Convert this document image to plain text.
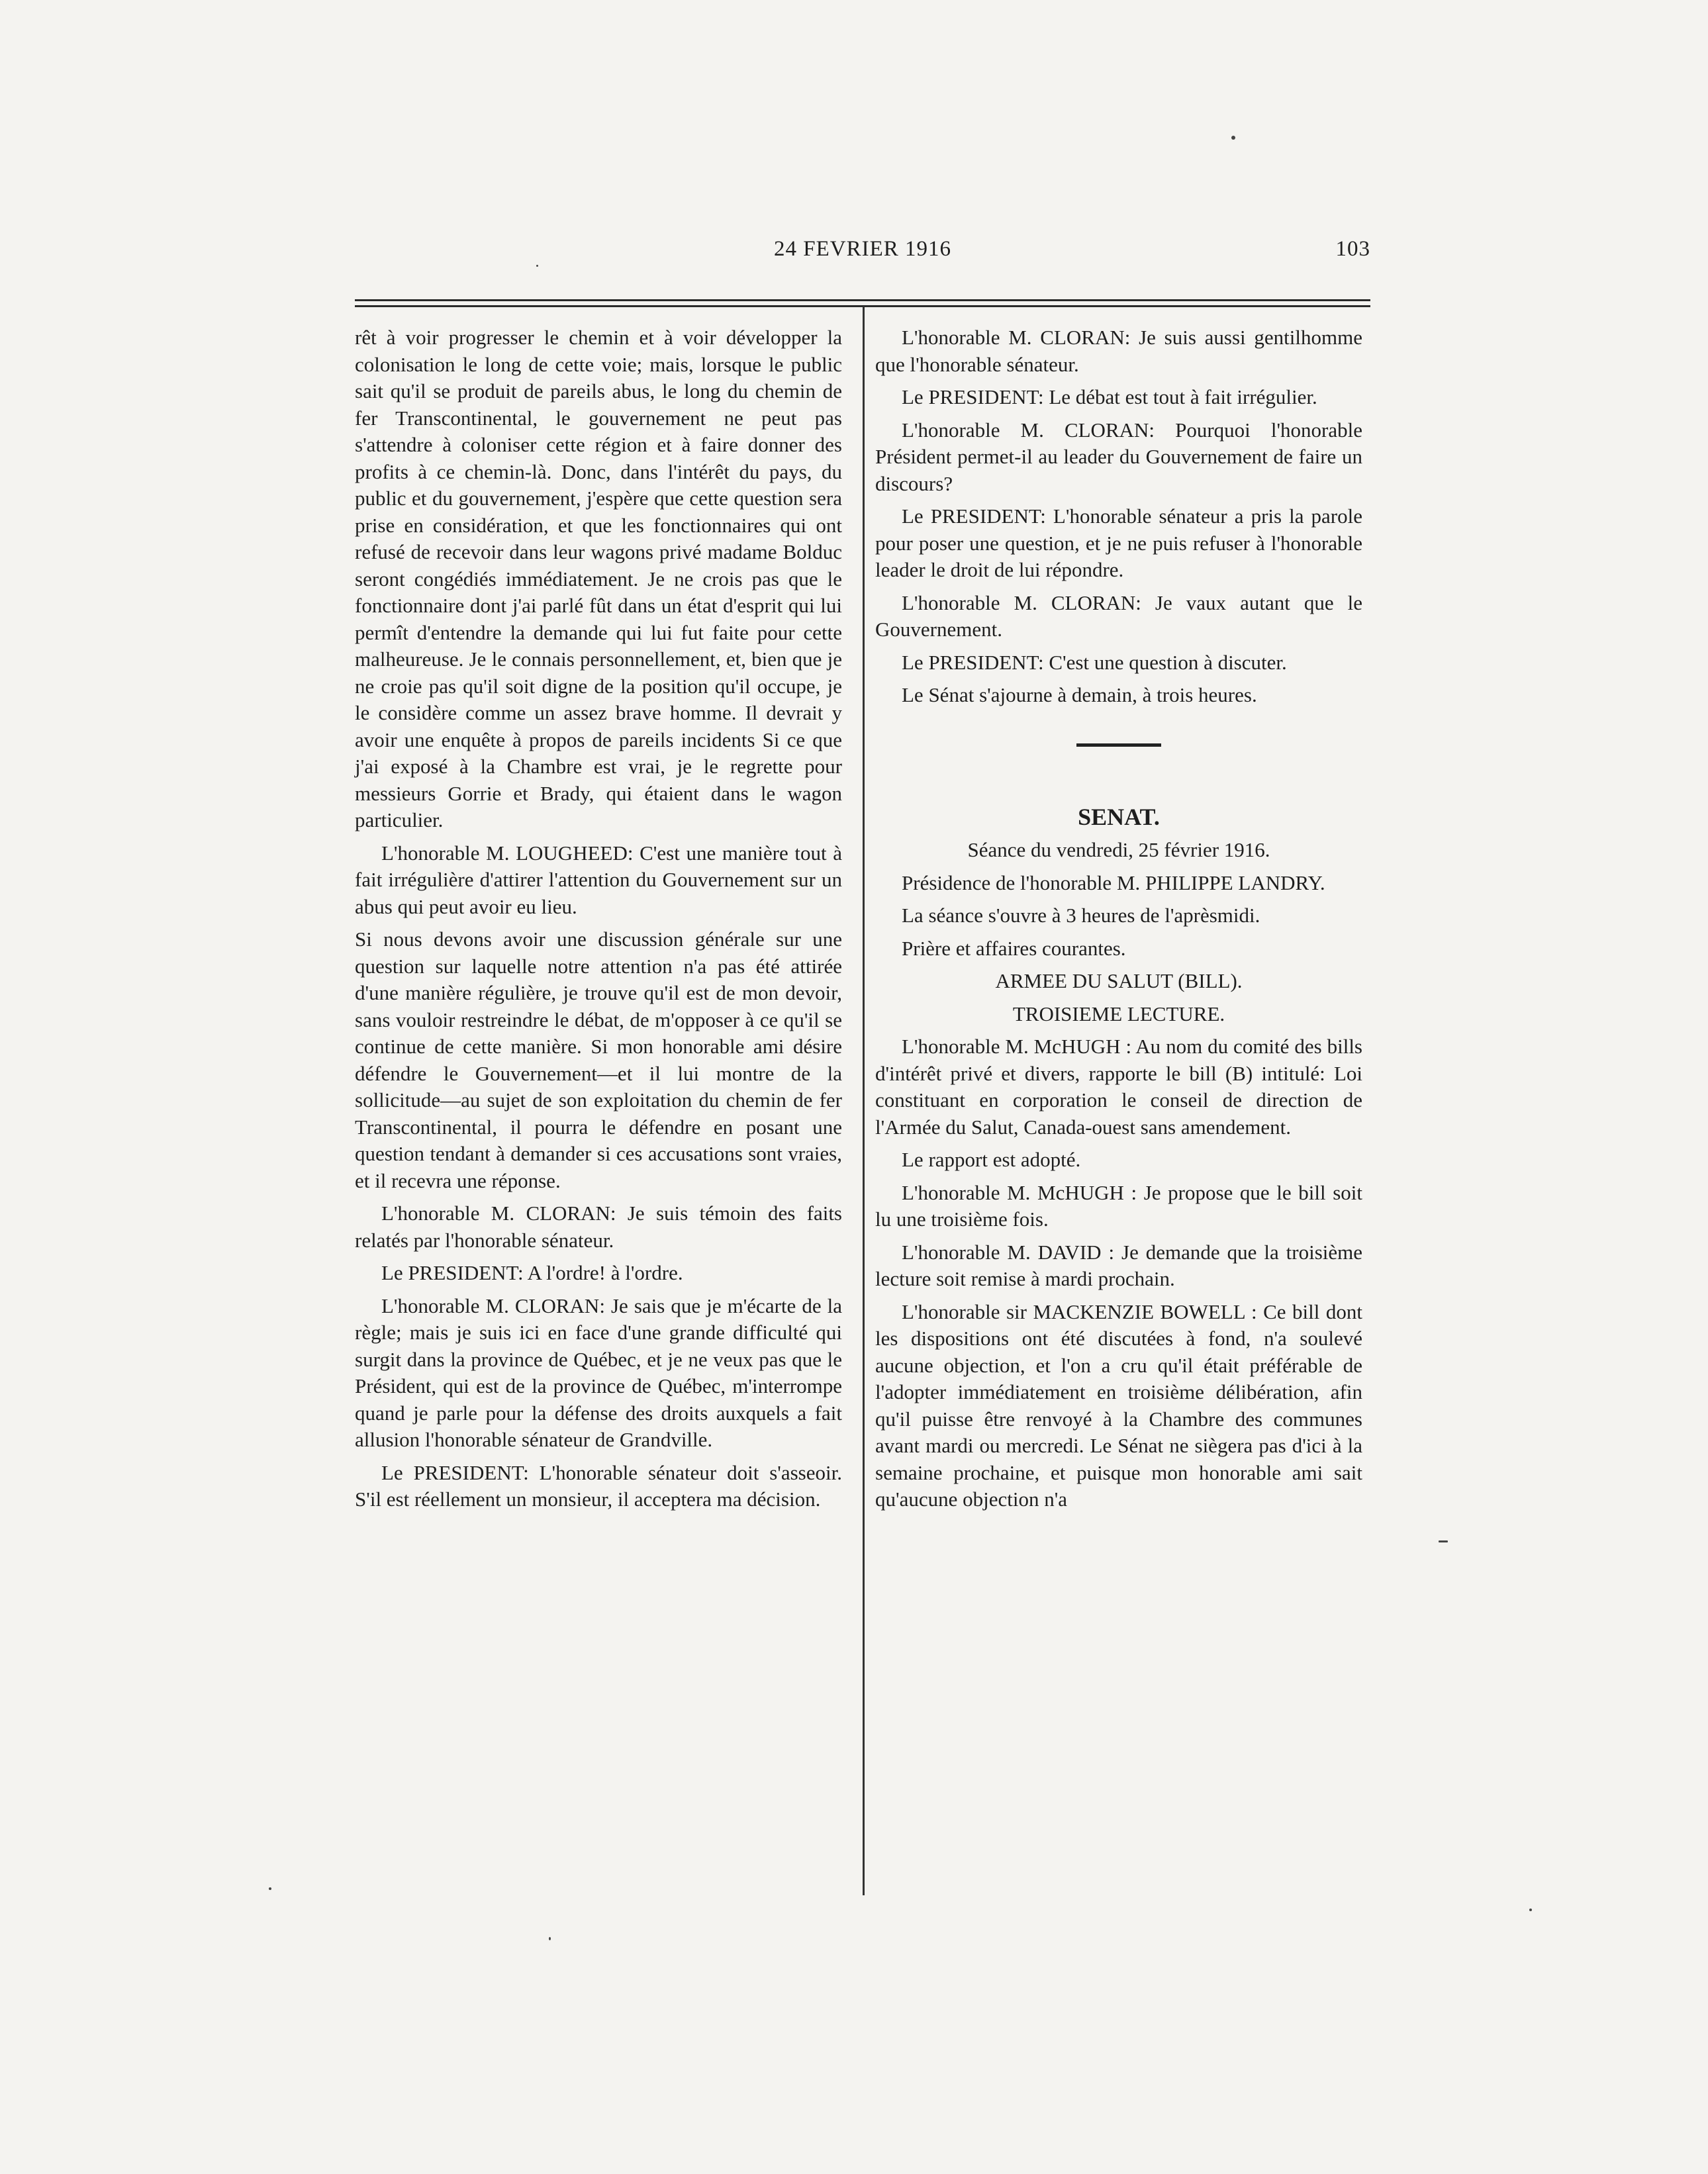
24 FEVRIER 1916	103

rêt à voir progresser le chemin et à voir développer la colonisation le long de cette voie; mais, lorsque le public sait qu'il se produit de pareils abus, le long du chemin de fer Transcontinental, le gouvernement ne peut pas s'attendre à coloniser cette région et à faire donner des profits à ce chemin-là. Donc, dans l'intérêt du pays, du public et du gouvernement, j'espère que cette question sera prise en considération, et que les fonctionnaires qui ont refusé de recevoir dans leur wagons privé madame Bolduc seront congédiés immédiatement. Je ne crois pas que le fonctionnaire dont j'ai parlé fût dans un état d'esprit qui lui permît d'entendre la demande qui lui fut faite pour cette malheureuse. Je le connais personnellement, et, bien que je ne croie pas qu'il soit digne de la position qu'il occupe, je le considère comme un assez brave homme. Il devrait y avoir une enquête à propos de pareils incidents Si ce que j'ai exposé à la Chambre est vrai, je le regrette pour messieurs Gorrie et Brady, qui étaient dans le wagon particulier.

L'honorable M. LOUGHEED: C'est une manière tout à fait irrégulière d'attirer l'attention du Gouvernement sur un abus qui peut avoir eu lieu.

Si nous devons avoir une discussion générale sur une question sur laquelle notre attention n'a pas été attirée d'une manière régulière, je trouve qu'il est de mon devoir, sans vouloir restreindre le débat, de m'opposer à ce qu'il se continue de cette manière. Si mon honorable ami désire défendre le Gouvernement—et il lui montre de la sollicitude—au sujet de son exploitation du chemin de fer Transcontinental, il pourra le défendre en posant une question tendant à demander si ces accusations sont vraies, et il recevra une réponse.

L'honorable M. CLORAN: Je suis témoin des faits relatés par l'honorable sénateur.

Le PRESIDENT: A l'ordre! à l'ordre.

L'honorable M. CLORAN: Je sais que je m'écarte de la règle; mais je suis ici en face d'une grande difficulté qui surgit dans la province de Québec, et je ne veux pas que le Président, qui est de la province de Québec, m'interrompe quand je parle pour la défense des droits auxquels a fait allusion l'honorable sénateur de Grandville.

Le PRESIDENT: L'honorable sénateur doit s'asseoir. S'il est réellement un monsieur, il acceptera ma décision.

L'honorable M. CLORAN: Je suis aussi gentilhomme que l'honorable sénateur.

Le PRESIDENT: Le débat est tout à fait irrégulier.

L'honorable M. CLORAN: Pourquoi l'honorable Président permet-il au leader du Gouvernement de faire un discours?

Le PRESIDENT: L'honorable sénateur a pris la parole pour poser une question, et je ne puis refuser à l'honorable leader le droit de lui répondre.

L'honorable M. CLORAN: Je vaux autant que le Gouvernement.

Le PRESIDENT: C'est une question à discuter.

Le Sénat s'ajourne à demain, à trois heures.

SENAT.

Séance du vendredi, 25 février 1916.

Présidence de l'honorable M. PHILIPPE LANDRY.

La séance s'ouvre à 3 heures de l'aprèsmidi.

Prière et affaires courantes.

ARMEE DU SALUT (BILL).

TROISIEME LECTURE.

L'honorable M. McHUGH : Au nom du comité des bills d'intérêt privé et divers, rapporte le bill (B) intitulé: Loi constituant en corporation le conseil de direction de l'Armée du Salut, Canada-ouest sans amendement.

Le rapport est adopté.

L'honorable M. McHUGH : Je propose que le bill soit lu une troisième fois.

L'honorable M. DAVID : Je demande que la troisième lecture soit remise à mardi prochain.

L'honorable sir MACKENZIE BOWELL : Ce bill dont les dispositions ont été discutées à fond, n'a soulevé aucune objection, et l'on a cru qu'il était préférable de l'adopter immédiatement en troisième délibération, afin qu'il puisse être renvoyé à la Chambre des communes avant mardi ou mercredi. Le Sénat ne siègera pas d'ici à la semaine prochaine, et puisque mon honorable ami sait qu'aucune objection n'a
